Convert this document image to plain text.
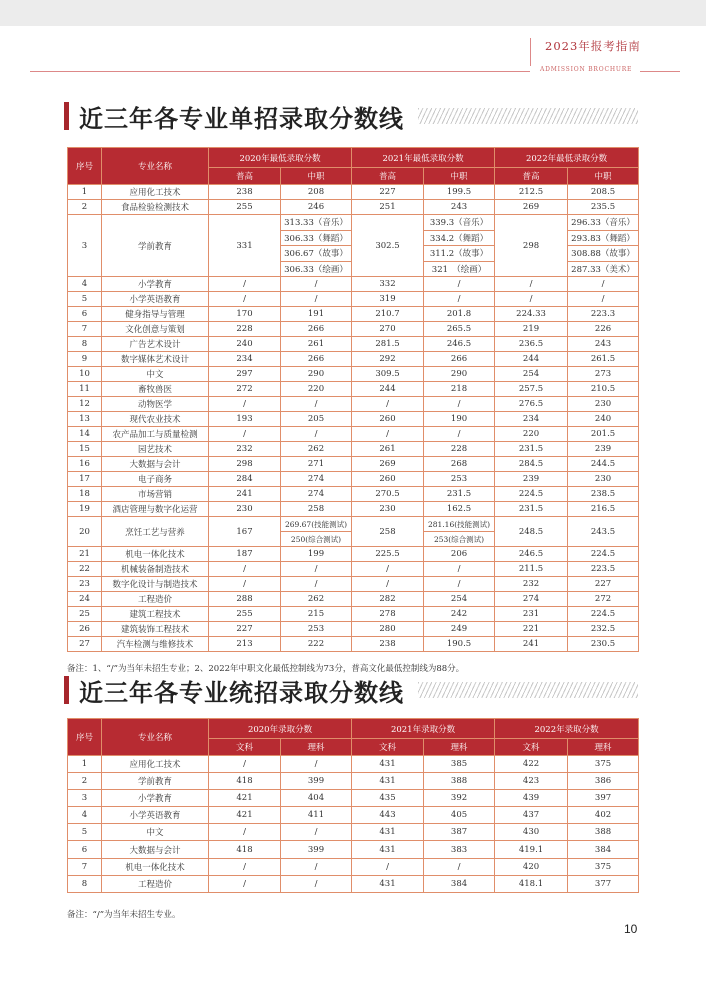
2023年报考指南
ADMISSION BROCHURE
近三年各专业单招录取分数线
序号	专业名称	2020年最低录取分数		2021年最低录取分数		2022年最低录取分数	
		普高	中职	普高	中职	普高	中职
1	应用化工技术	238	208	227	199.5	212.5	208.5
2	食品检验检测技术	255	246	251	243	269	235.5
3	学前教育	331	313.33（音乐）	302.5	339.3（音乐）	298	296.33（音乐）
			306.33（舞蹈）		334.2（舞蹈）		293.83（舞蹈）
			306.67（故事）		311.2（故事）		308.88（故事）
			306.33（绘画）		321　（绘画）		287.33（美术）
4	小学教育	/	/	332	/	/	/
5	小学英语教育	/	/	319	/	/	/
6	健身指导与管理	170	191	210.7	201.8	224.33	223.3
7	文化创意与策划	228	266	270	265.5	219	226
8	广告艺术设计	240	261	281.5	246.5	236.5	243
9	数字媒体艺术设计	234	266	292	266	244	261.5
10	中文	297	290	309.5	290	254	273
11	畜牧兽医	272	220	244	218	257.5	210.5
12	动物医学	/	/	/	/	276.5	230
13	现代农业技术	193	205	260	190	234	240
14	农产品加工与质量检测	/	/	/	/	220	201.5
15	园艺技术	232	262	261	228	231.5	239
16	大数据与会计	298	271	269	268	284.5	244.5
17	电子商务	284	274	260	253	239	230
18	市场营销	241	274	270.5	231.5	224.5	238.5
19	酒店管理与数字化运营	230	258	230	162.5	231.5	216.5
20	烹饪工艺与营养	167	269.67(技能测试)	258	281.16(技能测试)	248.5	243.5
			250(综合测试)		253(综合测试)		
21	机电一体化技术	187	199	225.5	206	246.5	224.5
22	机械装备制造技术	/	/	/	/	211.5	223.5
23	数字化设计与制造技术	/	/	/	/	232	227
24	工程造价	288	262	282	254	274	272
25	建筑工程技术	255	215	278	242	231	224.5
26	建筑装饰工程技术	227	253	280	249	221	232.5
27	汽车检测与维修技术	213	222	238	190.5	241	230.5
备注：1、“/”为当年未招生专业；2、2022年中职文化最低控制线为73分，普高文化最低控制线为88分。
近三年各专业统招录取分数线
序号	专业名称	2020年录取分数		2021年录取分数		2022年录取分数	
		文科	理科	文科	理科	文科	理科
1	应用化工技术	/	/	431	385	422	375
2	学前教育	418	399	431	388	423	386
3	小学教育	421	404	435	392	439	397
4	小学英语教育	421	411	443	405	437	402
5	中文	/	/	431	387	430	388
6	大数据与会计	418	399	431	383	419.1	384
7	机电一体化技术	/	/	/	/	420	375
8	工程造价	/	/	431	384	418.1	377
备注：“/”为当年未招生专业。
10
